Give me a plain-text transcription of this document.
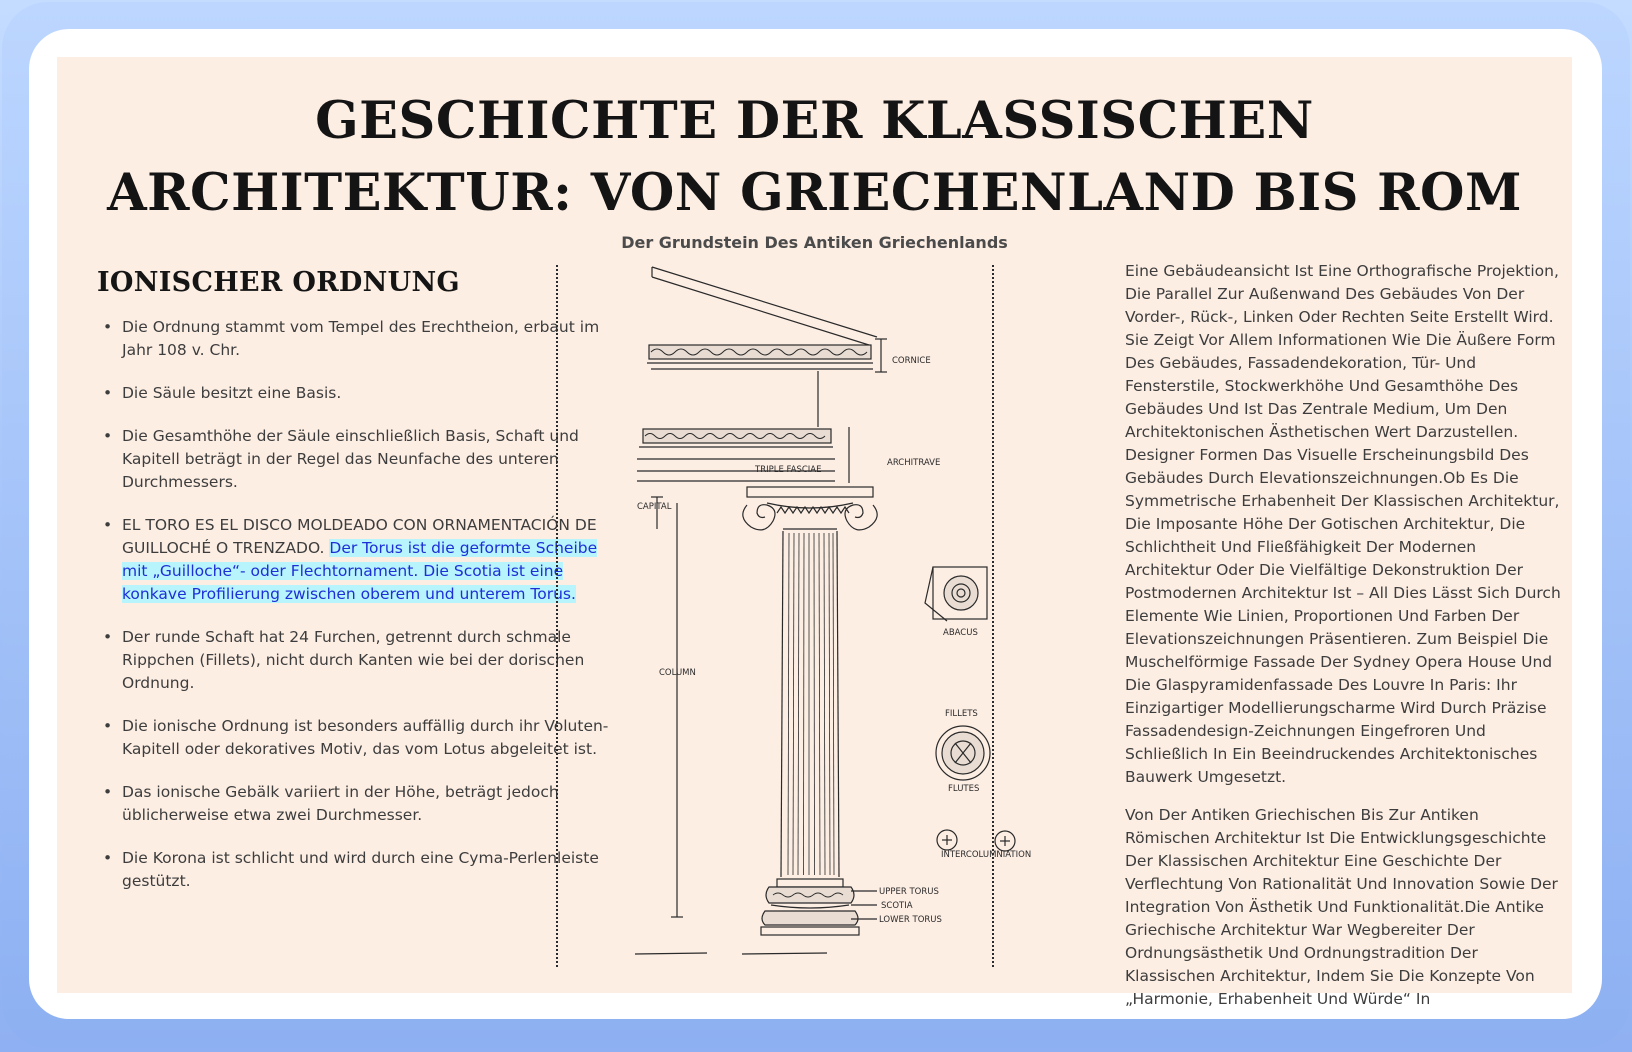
GESCHICHTE DER KLASSISCHEN
ARCHITEKTUR: VON GRIECHENLAND BIS ROM
Der Grundstein Des Antiken Griechenlands
IONISCHER ORDNUNG
• Die Ordnung stammt vom Tempel des Erechtheion, erbaut im Jahr 108 v. Chr.
• Die Säule besitzt eine Basis.
• Die Gesamthöhe der Säule einschließlich Basis, Schaft und Kapitell beträgt in der Regel das Neunfache des unteren Durchmessers.
• EL TORO ES EL DISCO MOLDEADO CON ORNAMENTACIÓN DE GUILLOCHÉ O TRENZADO. Der Torus ist die geformte Scheibe mit „Guilloche“- oder Flechtornament. Die Scotia ist eine konkave Profilierung zwischen oberem und unterem Torus.
• Der runde Schaft hat 24 Furchen, getrennt durch schmale Rippchen (Fillets), nicht durch Kanten wie bei der dorischen Ordnung.
• Die ionische Ordnung ist besonders auffällig durch ihr Voluten-Kapitell oder dekoratives Motiv, das vom Lotus abgeleitet ist.
• Das ionische Gebälk variiert in der Höhe, beträgt jedoch üblicherweise etwa zwei Durchmesser.
• Die Korona ist schlicht und wird durch eine Cyma-Perlenleiste gestützt.
CORNICE
ARCHITRAVE
TRIPLE FASCIAE
CAPITAL
COLUMN
ABACUS
FILLETS
FLUTES
INTERCOLUMNIATION
UPPER TORUS
SCOTIA
LOWER TORUS

Eine Gebäudeansicht Ist Eine Orthografische Projektion, Die Parallel Zur Außenwand Des Gebäudes Von Der Vorder-, Rück-, Linken Oder Rechten Seite Erstellt Wird. Sie Zeigt Vor Allem Informationen Wie Die Äußere Form Des Gebäudes, Fassadendekoration, Tür- Und Fensterstile, Stockwerkhöhe Und Gesamthöhe Des Gebäudes Und Ist Das Zentrale Medium, Um Den Architektonischen Ästhetischen Wert Darzustellen. Designer Formen Das Visuelle Erscheinungsbild Des Gebäudes Durch Elevationszeichnungen.Ob Es Die Symmetrische Erhabenheit Der Klassischen Architektur, Die Imposante Höhe Der Gotischen Architektur, Die Schlichtheit Und Fließfähigkeit Der Modernen Architektur Oder Die Vielfältige Dekonstruktion Der Postmodernen Architektur Ist – All Dies Lässt Sich Durch Elemente Wie Linien, Proportionen Und Farben Der Elevationszeichnungen Präsentieren. Zum Beispiel Die Muschelförmige Fassade Der Sydney Opera House Und Die Glaspyramidenfassade Des Louvre In Paris: Ihr Einzigartiger Modellierungscharme Wird Durch Präzise Fassadendesign-Zeichnungen Eingefroren Und Schließlich In Ein Beeindruckendes Architektonisches Bauwerk Umgesetzt.

Von Der Antiken Griechischen Bis Zur Antiken Römischen Architektur Ist Die Entwicklungsgeschichte Der Klassischen Architektur Eine Geschichte Der Verflechtung Von Rationalität Und Innovation Sowie Der Integration Von Ästhetik Und Funktionalität.Die Antike Griechische Architektur War Wegbereiter Der Ordnungsästhetik Und Ordnungstradition Der Klassischen Architektur, Indem Sie Die Konzepte Von „Harmonie, Erhabenheit Und Würde“ In
